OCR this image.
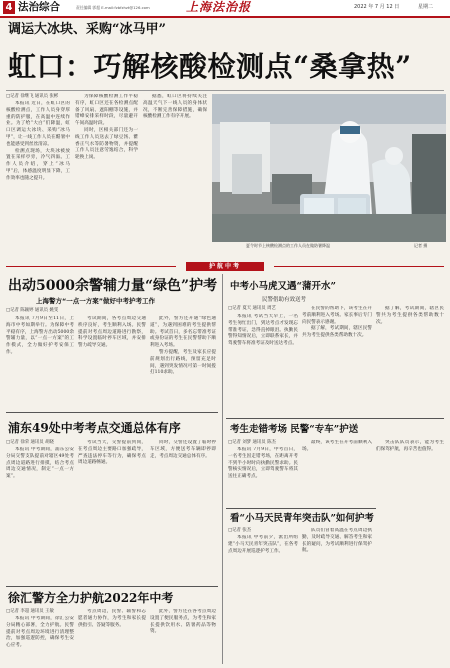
4 法治综合	责任编辑 郭超 E-mail:fzbfzhzt@126.com	上海法治报	2022 年 7 月 12 日	星期二
调运大冰块、采购“冰马甲”
虹口：巧解核酸检测点“桑拿热”
□记者 徐继飞 通讯员 张彬

本报讯 近日，在虹口区的核酸检测点，工作人员身穿厚重的防护服，在高温中连续作业。为了给“大白”们降温，虹口区调运大冰块、采购“冰马甲”，让一线工作人员在酷暑中也能感受到丝丝清凉。

检测点现场，大块冰被放置在采样亭旁，冷气四溢。工作人员介绍，穿上“冰马甲”后，体感温度明显下降，工作效率也随之提升。

为保障核酸检测工作平稳有序，虹口区还在各检测点配备了风扇、遮阳棚等设施，并错峰安排采样时段，尽量避开午间高温时段。

同时，区相关部门还为一线工作人员送去了绿豆汤、藿香正气水等防暑物资，并提醒工作人员注意劳逸结合，科学轮换上岗。

据悉，虹口区将持续关注高温天气下一线人员的身体状况，不断完善保障措施，确保核酸检测工作有序开展。

夏令时节上核酸检测点的工作人员在做防暑降温	记者 摄
护航中考
出动5000余警辅力量“绿色”护考
上海警方“一点一方案”做好中考护考工作
□记者 陈颖婷 通讯员 姚雯

本报讯 7月9日至11日，上海市中考如期举行。为保障中考平稳有序，上海警方出动5000余警辅力量，以“一点一方案”的工作模式，全力做好护考安保工作。

考试期间，各考点周边交通秩序良好，考生顺利入场。民警提前对考点周边道路进行勘察，科学设置临时停车区域，并安排警力疏导交通。

此外，警方还开通“绿色通道”，为遇到困难的考生提供帮助。考试首日，多名忘带准考证或身份证的考生在民警帮助下顺利进入考场。

警方提醒，考生及家长应提前规划出行路线，预留充足时间，遇到突发情况可第一时间拨打110求助。

中考小马虎又遇“蒲开水”
民警借助有效送考
□记者 夏天 通讯员 周艺

本报讯 考试当天早上，一名考生匆忙出门，到达考点才发现忘带准考证，急得直掉眼泪。执勤民警得知情况后，立即联系家长，并驾驶警车将准考证及时送达考点。

在民警的帮助下，该考生在开考前顺利进入考场。家长事后专门向民警表示感谢。

据了解，考试期间，辖区民警共为考生提供各类帮助数十次。

据了解，考试期间，辖区民警共为考生提供各类帮助数十次。

浦东49处中考考点交通总体有序
□记者 徐荣 通讯员 胡晓

本报讯 中考期间，浦东公安分局交警支队提前对辖区49处考点周边道路进行排摸，结合考点周边交通情况，制定“一点一方案”。

考试当天，交警提前到岗，在考点周边主要路口加强疏导，严查违法停车等行为，确保考点周边道路畅通。

同时，交警还设置了临时停车区域，方便送考车辆即停即走，考点周边交通总体有序。

考生走错考场 民警“专车”护送
□记者 刘梦 通讯员 陈杰

本报讯 7月9日，中考首日，一名考生因走错考场，在距离开考不到半小时时向执勤民警求助。民警核实情况后，立即驾驶警车将其送往正确考点。

最终，该考生在开考前顺利入场。

看“小马天民青年突击队”如何护考
□记者 张杰

本报讯 中考前夕，派出所组建“小马天民青年突击队”，在各考点周边开展巡逻护考工作。

队员们冒着高温在考点周边执勤，及时疏导交通、解答考生和家长的疑问，为考试顺利进行保驾护航。

突击队队员表示，能为考生们保驾护航，再辛苦也值得。

徐汇警方全力护航2022年中考
□记者 李超 通讯员 王敏

本报讯 中考期间，徐汇公安分局精心部署，全力护航。民警提前对考点周边环境进行清理整治，加强巡逻防控，确保考生安心应考。

考点周边，民警、辅警和志愿者通力协作，为考生和家长提供指引、答疑等服务。

此外，警方还在各考点周边设置了便民服务点，为考生和家长提供饮用水、防暑药品等物资。
